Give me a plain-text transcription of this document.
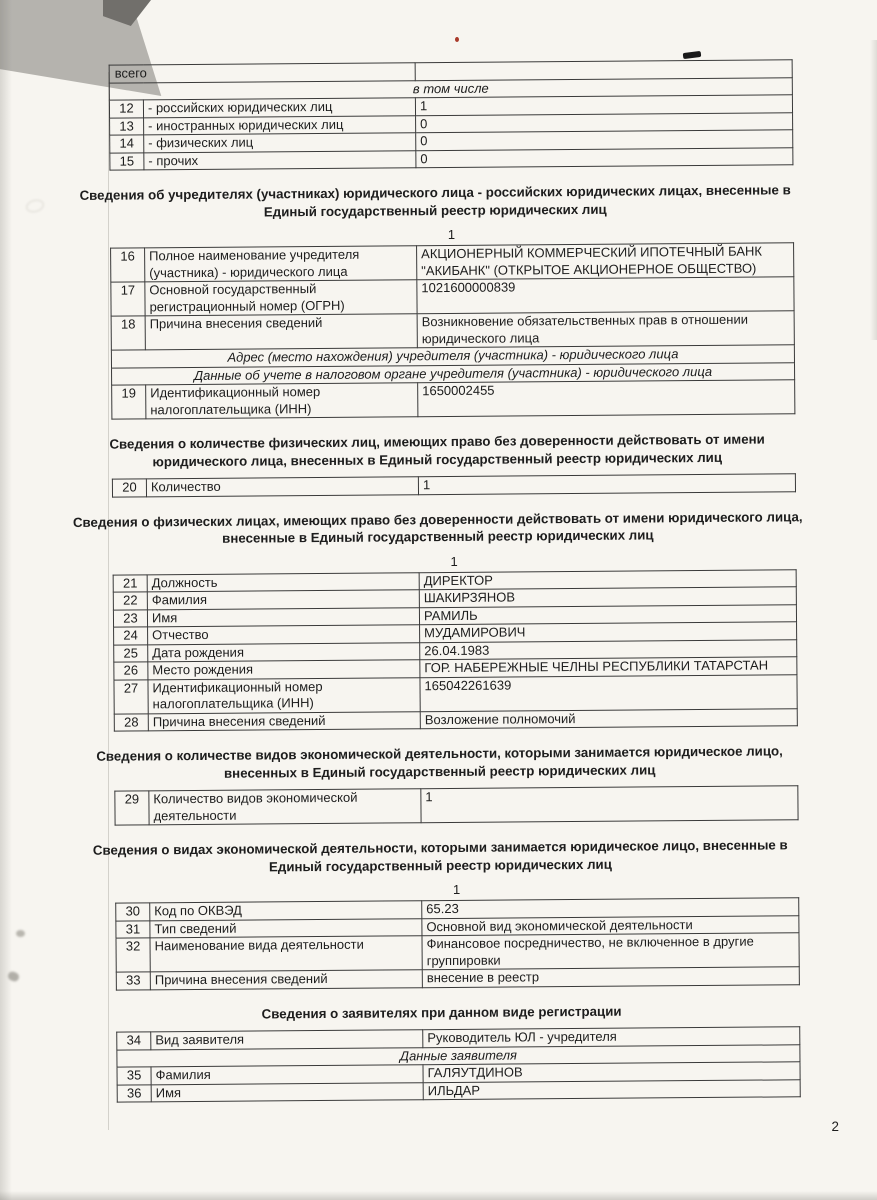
всего		
в том числе		
12	- российских юридических лиц	1
13	- иностранных юридических лиц	0
14	- физических лиц	0
15	- прочих	0
Сведения об учредителях (участниках) юридического лица - российских юридических лицах, внесенные в Единый государственный реестр юридических лиц
1
16	Полное наименование учредителя (участника) - юридического лица	АКЦИОНЕРНЫЙ КОММЕРЧЕСКИЙ ИПОТЕЧНЫЙ БАНК "АКИБАНК" (ОТКРЫТОЕ АКЦИОНЕРНОЕ ОБЩЕСТВО)
17	Основной государственный регистрационный номер (ОГРН)	1021600000839
18	Причина внесения сведений	Возникновение обязательственных прав в отношении юридического лица
Адрес (место нахождения) учредителя (участника) - юридического лица		
Данные об учете в налоговом органе учредителя (участника) - юридического лица		
19	Идентификационный номер налогоплательщика (ИНН)	1650002455
Сведения о количестве физических лиц, имеющих право без доверенности действовать от имени юридического лица, внесенных в Единый государственный реестр юридических лиц
20	Количество	1
Сведения о физических лицах, имеющих право без доверенности действовать от имени юридического лица, внесенные в Единый государственный реестр юридических лиц
1
21	Должность	ДИРЕКТОР
22	Фамилия	ШАКИРЗЯНОВ
23	Имя	РАМИЛЬ
24	Отчество	МУДАМИРОВИЧ
25	Дата рождения	26.04.1983
26	Место рождения	ГОР. НАБЕРЕЖНЫЕ ЧЕЛНЫ РЕСПУБЛИКИ ТАТАРСТАН
27	Идентификационный номер налогоплательщика (ИНН)	165042261639
28	Причина внесения сведений	Возложение полномочий
Сведения о количестве видов экономической деятельности, которыми занимается юридическое лицо, внесенных в Единый государственный реестр юридических лиц
29	Количество видов экономической деятельности	1
Сведения о видах экономической деятельности, которыми занимается юридическое лицо, внесенные в Единый государственный реестр юридических лиц
1
30	Код по ОКВЭД	65.23
31	Тип сведений	Основной вид экономической деятельности
32	Наименование вида деятельности	Финансовое посредничество, не включенное в другие группировки
33	Причина внесения сведений	внесение в реестр
Сведения о заявителях при данном виде регистрации
34	Вид заявителя	Руководитель ЮЛ - учредителя
Данные заявителя		
35	Фамилия	ГАЛЯУТДИНОВ
36	Имя	ИЛЬДАР
2
